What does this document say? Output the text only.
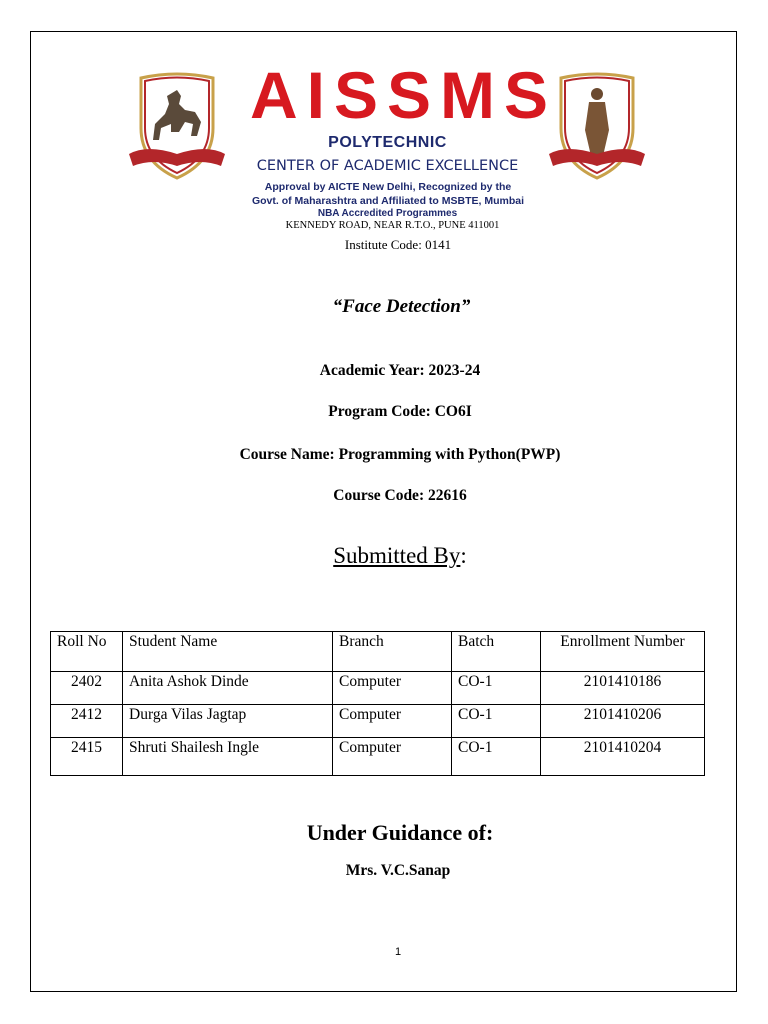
AISSMS
POLYTECHNIC
CENTER OF ACADEMIC EXCELLENCE
Approval by AICTE New Delhi, Recognized by the
Govt. of Maharashtra and Affiliated to MSBTE, Mumbai
NBA Accredited Programmes
KENNEDY ROAD, NEAR R.T.O., PUNE 411001
Institute Code: 0141
“Face Detection”
Academic Year: 2023-24
Program Code: CO6I
Course Name: Programming with Python(PWP)
Course Code: 22616
Submitted By:
Roll No	Student Name	Branch	Batch	Enrollment Number
2402	Anita Ashok Dinde	Computer	CO-1	2101410186
2412	Durga Vilas Jagtap	Computer	CO-1	2101410206
2415	Shruti Shailesh Ingle	Computer	CO-1	2101410204
Under Guidance of:
Mrs. V.C.Sanap
1
